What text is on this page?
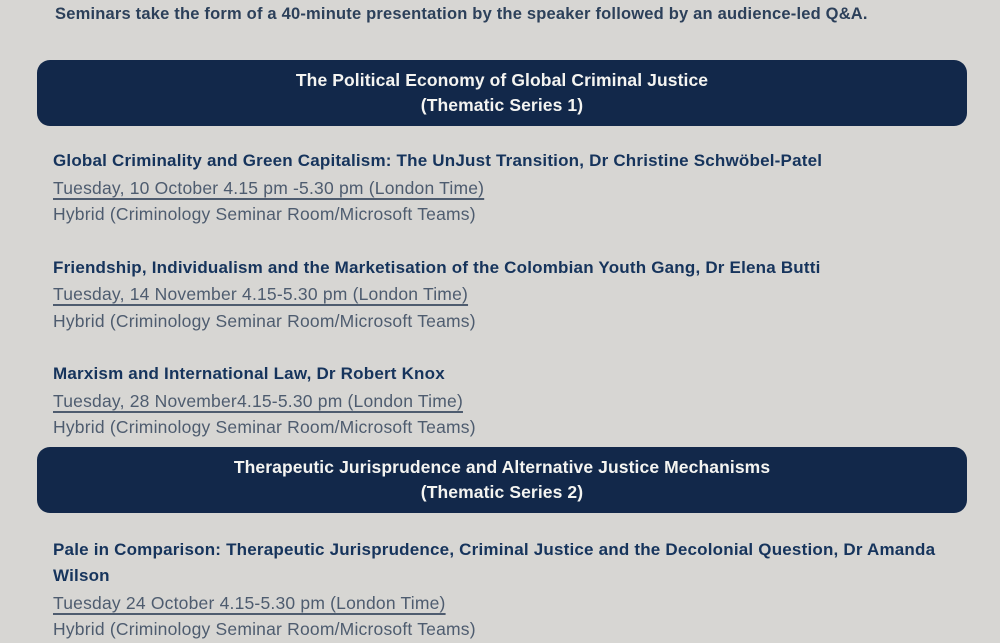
Seminars take the form of a 40-minute presentation by the speaker followed by an audience-led Q&A.

The Political Economy of Global Criminal Justice
(Thematic Series 1)
Global Criminality and Green Capitalism: The UnJust Transition, Dr Christine Schwöbel-Patel
Tuesday, 10 October 4.15 pm -5.30 pm (London Time)
Hybrid (Criminology Seminar Room/Microsoft Teams)
Friendship, Individualism and the Marketisation of the Colombian Youth Gang, Dr Elena Butti
Tuesday, 14 November 4.15-5.30 pm (London Time)
Hybrid (Criminology Seminar Room/Microsoft Teams)
Marxism and International Law, Dr Robert Knox
Tuesday, 28 November4.15-5.30 pm (London Time)
Hybrid (Criminology Seminar Room/Microsoft Teams)
Therapeutic Jurisprudence and Alternative Justice Mechanisms
(Thematic Series 2)
Pale in Comparison: Therapeutic Jurisprudence, Criminal Justice and the Decolonial Question, Dr Amanda Wilson
Tuesday 24 October 4.15-5.30 pm (London Time)
Hybrid (Criminology Seminar Room/Microsoft Teams)
